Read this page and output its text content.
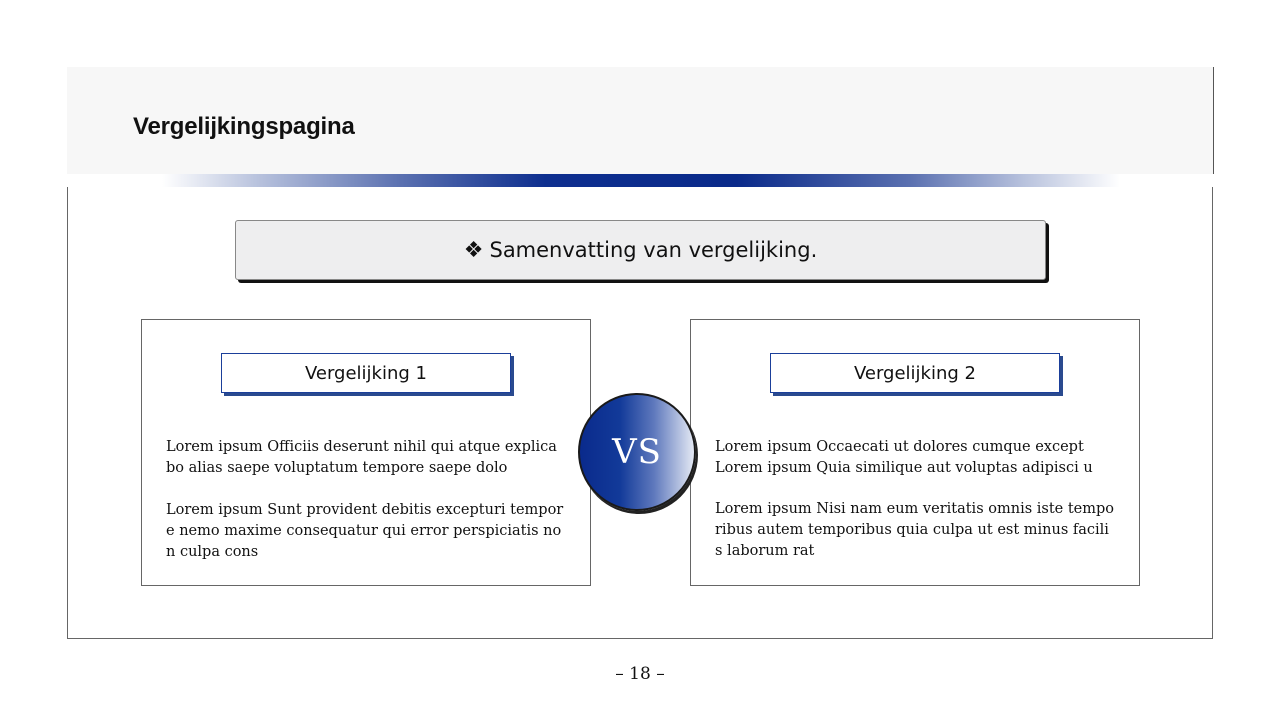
Vergelijkingspagina
❖ Samenvatting van vergelijking.
Vergelijking 1	Vergelijking 2
Lorem ipsum Officiis deserunt nihil qui atque explica
bo alias saepe voluptatum tempore saepe dolo
Lorem ipsum Sunt provident debitis excepturi tempor
e nemo maxime consequatur qui error perspiciatis no
n culpa cons
Lorem ipsum Occaecati ut dolores cumque except
Lorem ipsum Quia similique aut voluptas adipisci u
Lorem ipsum Nisi nam eum veritatis omnis iste tempo
ribus autem temporibus quia culpa ut est minus facili
s laborum rat
VS
– 18 –
